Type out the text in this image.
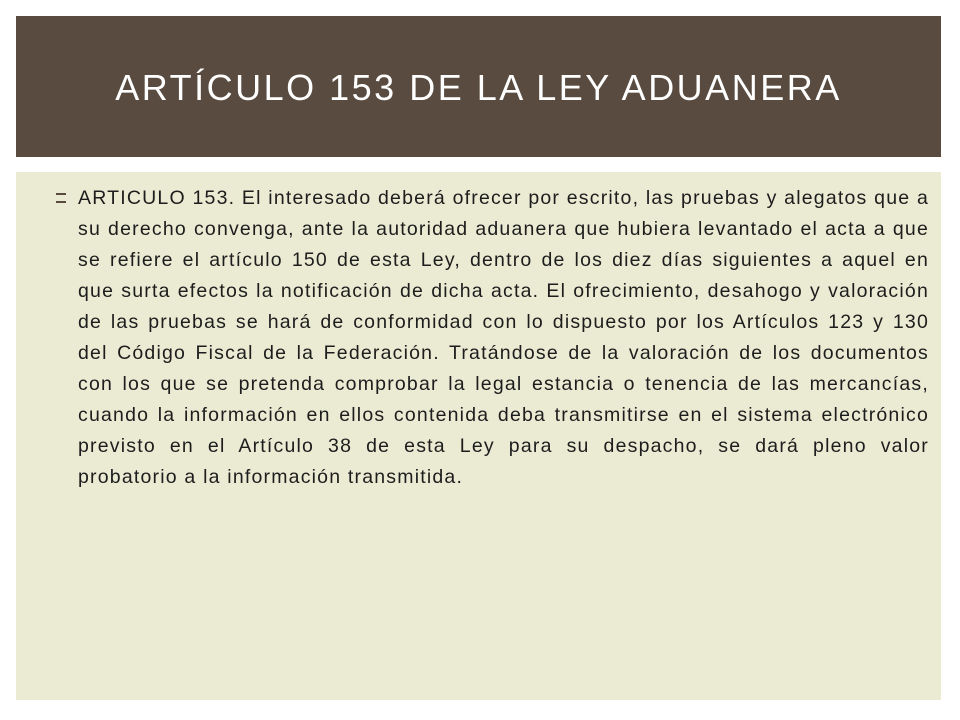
ARTÍCULO 153 DE LA LEY ADUANERA

ARTICULO 153. El interesado deberá ofrecer por escrito, las pruebas y alegatos que a su derecho convenga, ante la autoridad aduanera que hubiera levantado el acta a que se refiere el artículo 150 de esta Ley, dentro de los diez días siguientes a aquel en que surta efectos la notificación de dicha acta. El ofrecimiento, desahogo y valoración de las pruebas se hará de conformidad con lo dispuesto por los Artículos 123 y 130 del Código Fiscal de la Federación. Tratándose de la valoración de los documentos con los que se pretenda comprobar la legal estancia o tenencia de las mercancías, cuando la información en ellos contenida deba transmitirse en el sistema electrónico previsto en el Artículo 38 de esta Ley para su despacho, se dará pleno valor probatorio a la información transmitida.
